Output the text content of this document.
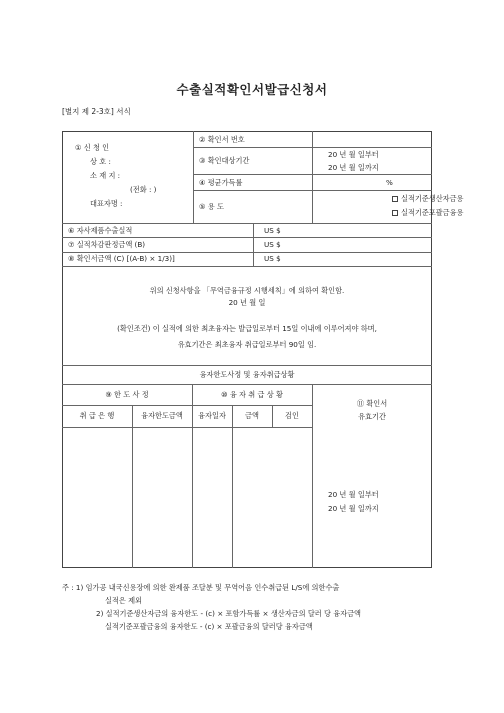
수출실적확인서발급신청서
[별지 제 2-3호] 서식
① 신 청 인
상 호 :
소 재 지 :
(전화 : )
대표자명 :
② 확인서 번호
③ 확인대상기간
20 년 월 일부터
20 년 월 일까지
④ 평균가득률	%
⑤ 용 도
실적기준생산자금용
실적기준포괄금융용
⑥ 자사제품수출실적	US $
⑦ 실적차감판정금액 (B)	US $
⑧ 확인서금액 (C) [(A-B) × 1/3)]	US $
위의 신청사항을 「무역금융규정 시행세칙」에 의하여 확인함.
20 년 월 일
(확인조건) 이 실적에 의한 최초융자는 발급일로부터 15일 이내에 이루어져야 하며,
유효기간은 최초융자 취급일로부터 90일 임.
융자한도사정 및 융자취급상황
⑨ 한 도 사 정	⑩ 융 자 취 급 상 황
⑪ 확인서
유효기간
취 급 은 행	융자한도금액	융자일자	금액	검인
20 년 월 일부터
20 년 월 일까지
주 : 1) 임가공 내국신용장에 의한 완제품 조달분 및 무역어음 인수취급된 L/S에 의한수출
실적은 제외
2) 실적기준생산자금의 융자한도 - (c) × 포함가득률 × 생산자금의 달러 당 융자금액
실적기준포괄금융의 융자한도 - (c) × 포괄금융의 달러당 융자금액
